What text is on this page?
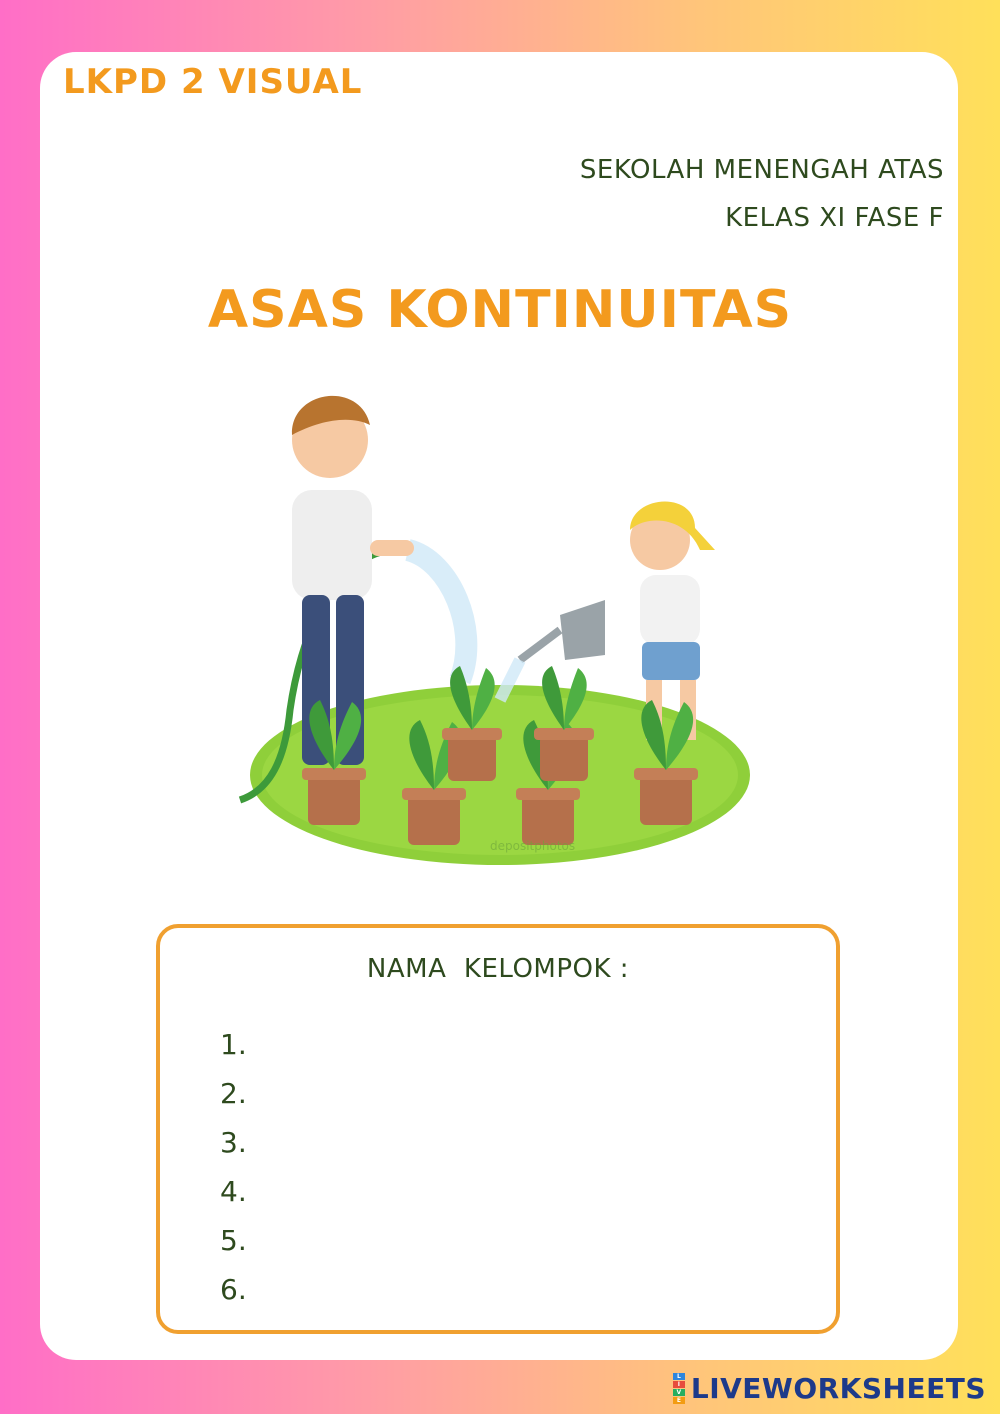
LKPD 2 VISUAL
SEKOLAH MENENGAH ATAS
KELAS XI FASE F
ASAS KONTINUITAS
depositphotos
NAMA  KELOMPOK :
1.
2.
3.
4.
5.
6.
L
I
V
E LIVEWORKSHEETS
